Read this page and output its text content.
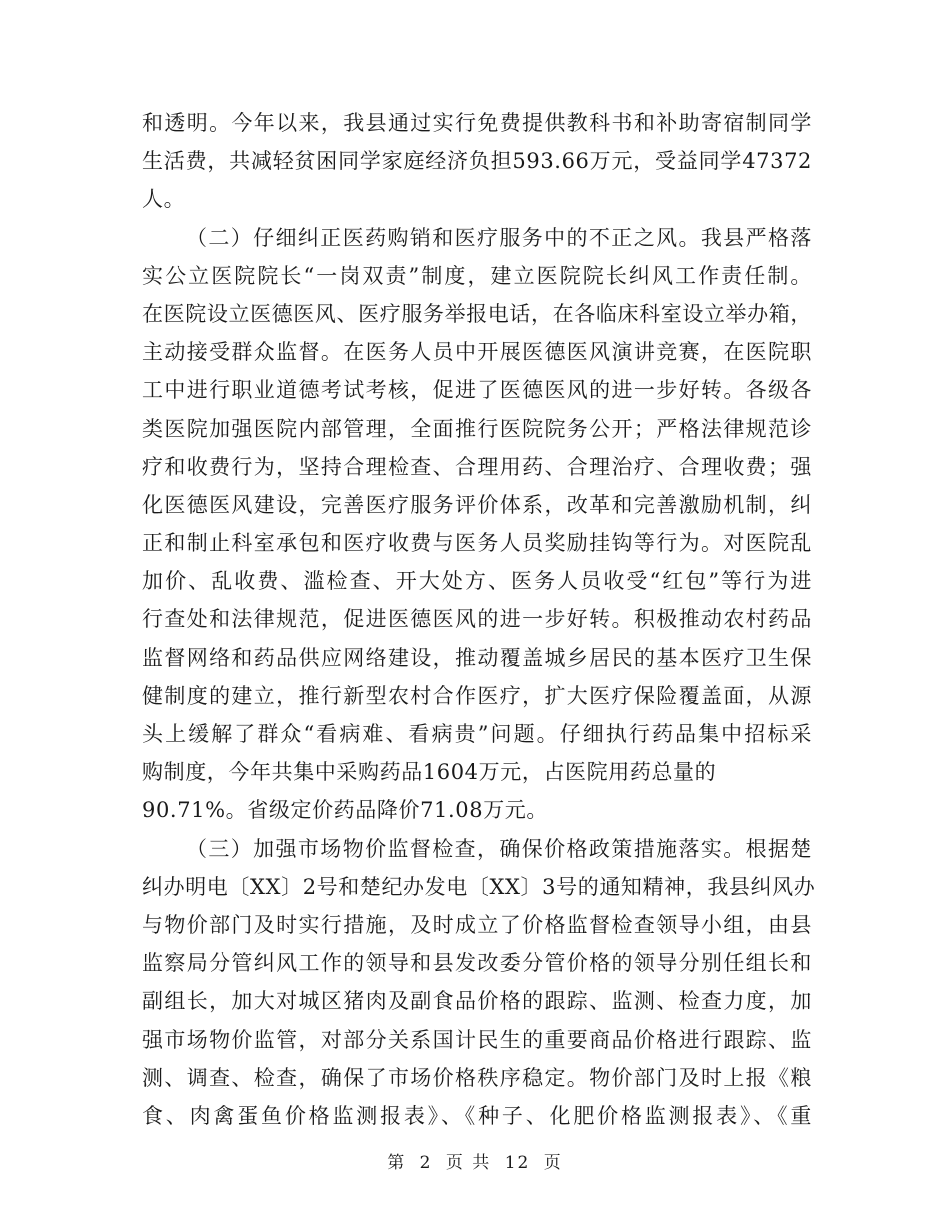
和透明。今年以来，我县通过实行免费提供教科书和补助寄宿制同学
生活费，共减轻贫困同学家庭经济负担593.66万元，受益同学47372
人。
（二）仔细纠正医药购销和医疗服务中的不正之风。我县严格落
实公立医院院长“一岗双责”制度，建立医院院长纠风工作责任制。
在医院设立医德医风、医疗服务举报电话，在各临床科室设立举办箱，
主动接受群众监督。在医务人员中开展医德医风演讲竞赛，在医院职
工中进行职业道德考试考核，促进了医德医风的进一步好转。各级各
类医院加强医院内部管理，全面推行医院院务公开；严格法律规范诊
疗和收费行为，坚持合理检查、合理用药、合理治疗、合理收费；强
化医德医风建设，完善医疗服务评价体系，改革和完善激励机制，纠
正和制止科室承包和医疗收费与医务人员奖励挂钩等行为。对医院乱
加价、乱收费、滥检查、开大处方、医务人员收受“红包”等行为进
行查处和法律规范，促进医德医风的进一步好转。积极推动农村药品
监督网络和药品供应网络建设，推动覆盖城乡居民的基本医疗卫生保
健制度的建立，推行新型农村合作医疗，扩大医疗保险覆盖面，从源
头上缓解了群众“看病难、看病贵”问题。仔细执行药品集中招标采
购制度，今年共集中采购药品1604万元，占医院用药总量的
90.71%。省级定价药品降价71.08万元。
（三）加强市场物价监督检查，确保价格政策措施落实。根据楚
纠办明电〔XX〕2号和楚纪办发电〔XX〕3号的通知精神，我县纠风办
与物价部门及时实行措施，及时成立了价格监督检查领导小组，由县
监察局分管纠风工作的领导和县发改委分管价格的领导分别任组长和
副组长，加大对城区猪肉及副食品价格的跟踪、监测、检查力度，加
强市场物价监管，对部分关系国计民生的重要商品价格进行跟踪、监
测、调查、检查，确保了市场价格秩序稳定。物价部门及时上报《粮
食、肉禽蛋鱼价格监测报表》、《种子、化肥价格监测报表》、《重
第 2 页 共 12 页
